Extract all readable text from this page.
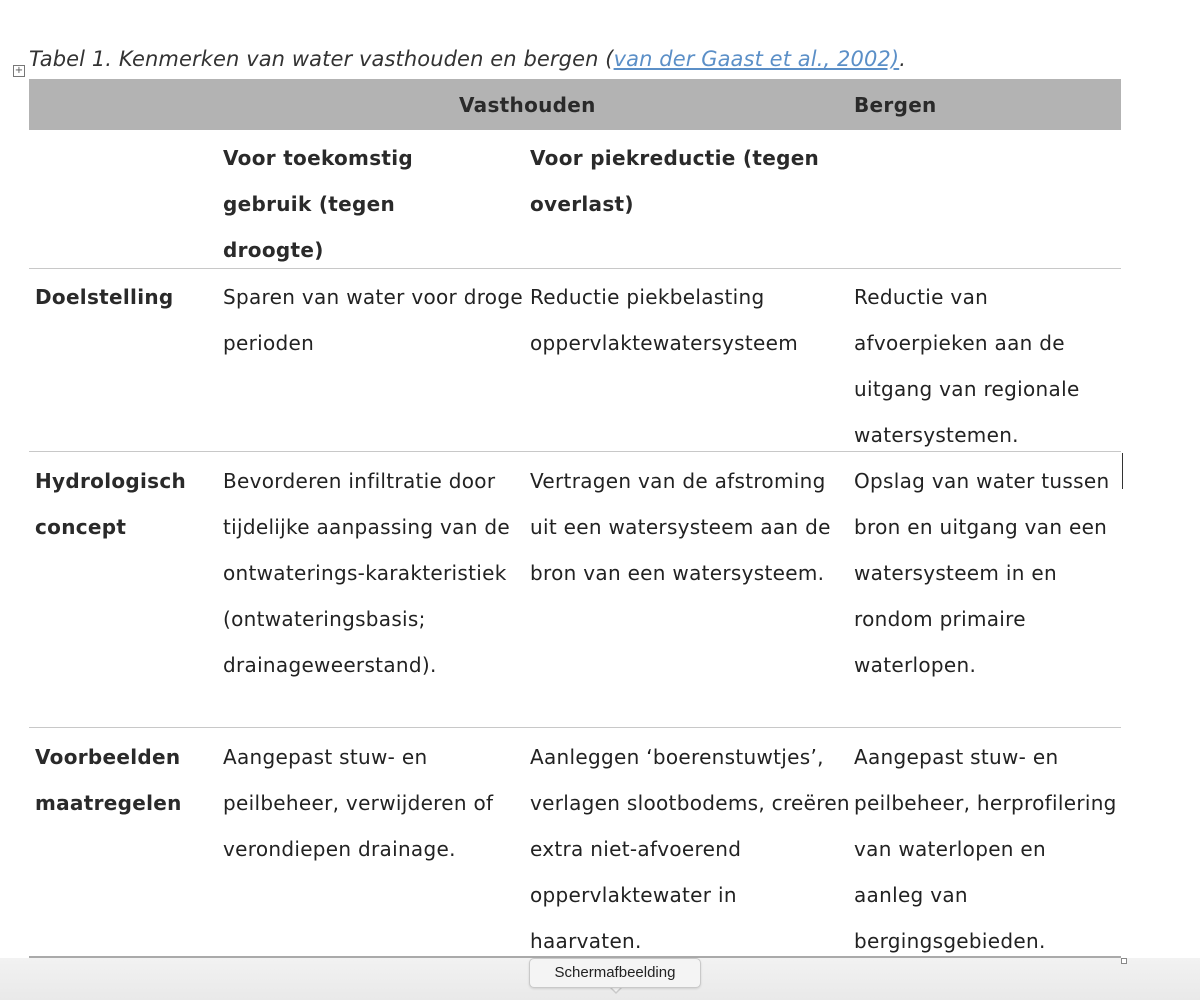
+ Tabel 1. Kenmerken van water vasthouden en bergen (van der Gaast et al., 2002).
Vasthouden	Bergen
Voor toekomstig gebruik (tegen droogte)
Voor piekreductie (tegen overlast)
Doelstelling	Sparen van water voor droge perioden
Reductie piekbelasting oppervlaktewatersysteem
Reductie van afvoerpieken aan de uitgang van regionale watersystemen.
Hydrologisch concept
Bevorderen infiltratie door tijdelijke aanpassing van de ontwaterings-karakteristiek (ontwateringsbasis; drainageweerstand).
Vertragen van de afstroming uit een watersysteem aan de bron van een watersysteem.
Opslag van water tussen bron en uitgang van een watersysteem in en rondom primaire waterlopen.
Voorbeelden maatregelen
Aangepast stuw- en peilbeheer, verwijderen of verondiepen drainage.
Aanleggen ‘boerenstuwtjes’, verlagen slootbodems, creëren extra niet-afvoerend oppervlaktewater in haarvaten.
Aangepast stuw- en peilbeheer, herprofilering van waterlopen en aanleg van bergingsgebieden.
Schermafbeelding
